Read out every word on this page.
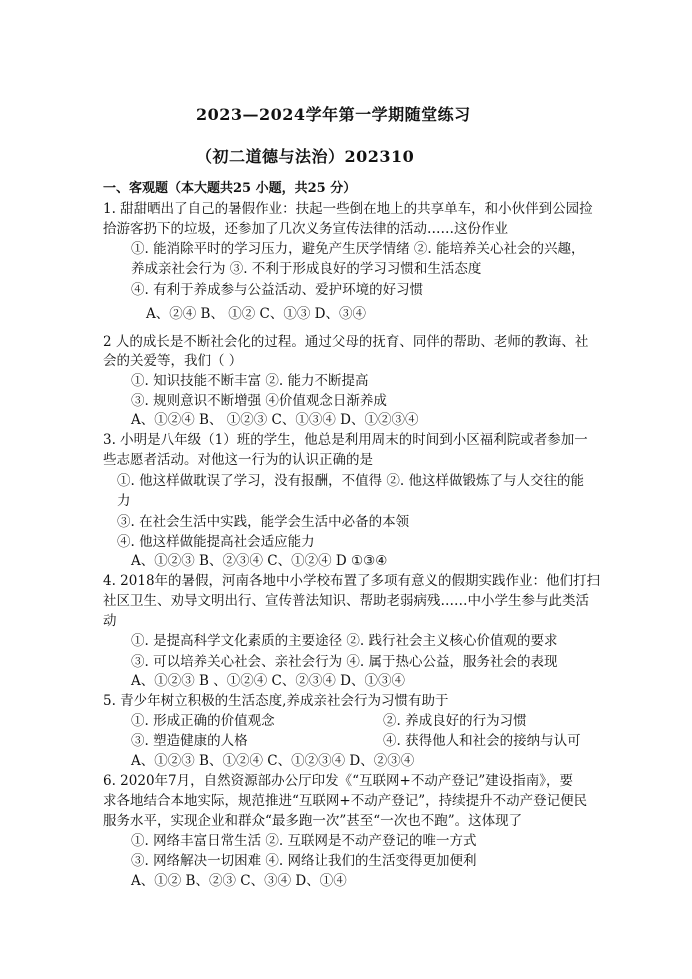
2023—2024学年第一学期随堂练习
（初二道德与法治）202310
一、客观题（本大题共25 小题，共25 分）
1. 甜甜晒出了自己的暑假作业：扶起一些倒在地上的共享单车，和小伙伴到公园捡
拾游客扔下的垃圾，还参加了几次义务宣传法律的活动……这份作业
①. 能消除平时的学习压力，避免产生厌学情绪 ②. 能培养关心社会的兴趣，
养成亲社会行为 ③. 不利于形成良好的学习习惯和生活态度
④. 有利于养成参与公益活动、爱护环境的好习惯
A、②④ B、 ①② C、①③ D、③④
2 人的成长是不断社会化的过程。通过父母的抚育、同伴的帮助、老师的教诲、社
会的关爱等，我们（ ）
①. 知识技能不断丰富 ②. 能力不断提高
③. 规则意识不断增强 ④价值观念日渐养成
A、①②④ B、 ①②③ C、①③④ D、①②③④
3. 小明是八年级（1）班的学生，他总是利用周末的时间到小区福利院或者参加一
些志愿者活动。对他这一行为的认识正确的是
①. 他这样做耽误了学习，没有报酬，不值得 ②. 他这样做锻炼了与人交往的能
力
③. 在社会生活中实践，能学会生活中必备的本领
④. 他这样做能提高社会适应能力
A、①②③ B、②③④ C、①②④ D ①③④
4. 2018年的暑假，河南各地中小学校布置了多项有意义的假期实践作业：他们打扫
社区卫生、劝导文明出行、宣传普法知识、帮助老弱病残……中小学生参与此类活
动
①. 是提高科学文化素质的主要途径 ②. 践行社会主义核心价值观的要求
③. 可以培养关心社会、亲社会行为 ④. 属于热心公益，服务社会的表现
A、①②③ B 、①②④ C、②③④ D、①③④
5. 青少年树立积极的生活态度,养成亲社会行为习惯有助于
①. 形成正确的价值观念	②. 养成良好的行为习惯
③. 塑造健康的人格	④. 获得他人和社会的接纳与认可
A、①②③ B、①②④ C、①②③④ D、②③④
6. 2020年7月，自然资源部办公厅印发《“互联网+不动产登记”建设指南》，要
求各地结合本地实际，规范推进“互联网+不动产登记”，持续提升不动产登记便民
服务水平，实现企业和群众“最多跑一次”甚至“一次也不跑”。这体现了
①. 网络丰富日常生活 ②. 互联网是不动产登记的唯一方式
③. 网络解决一切困难 ④. 网络让我们的生活变得更加便利
A、①② B、②③ C、③④ D、①④
